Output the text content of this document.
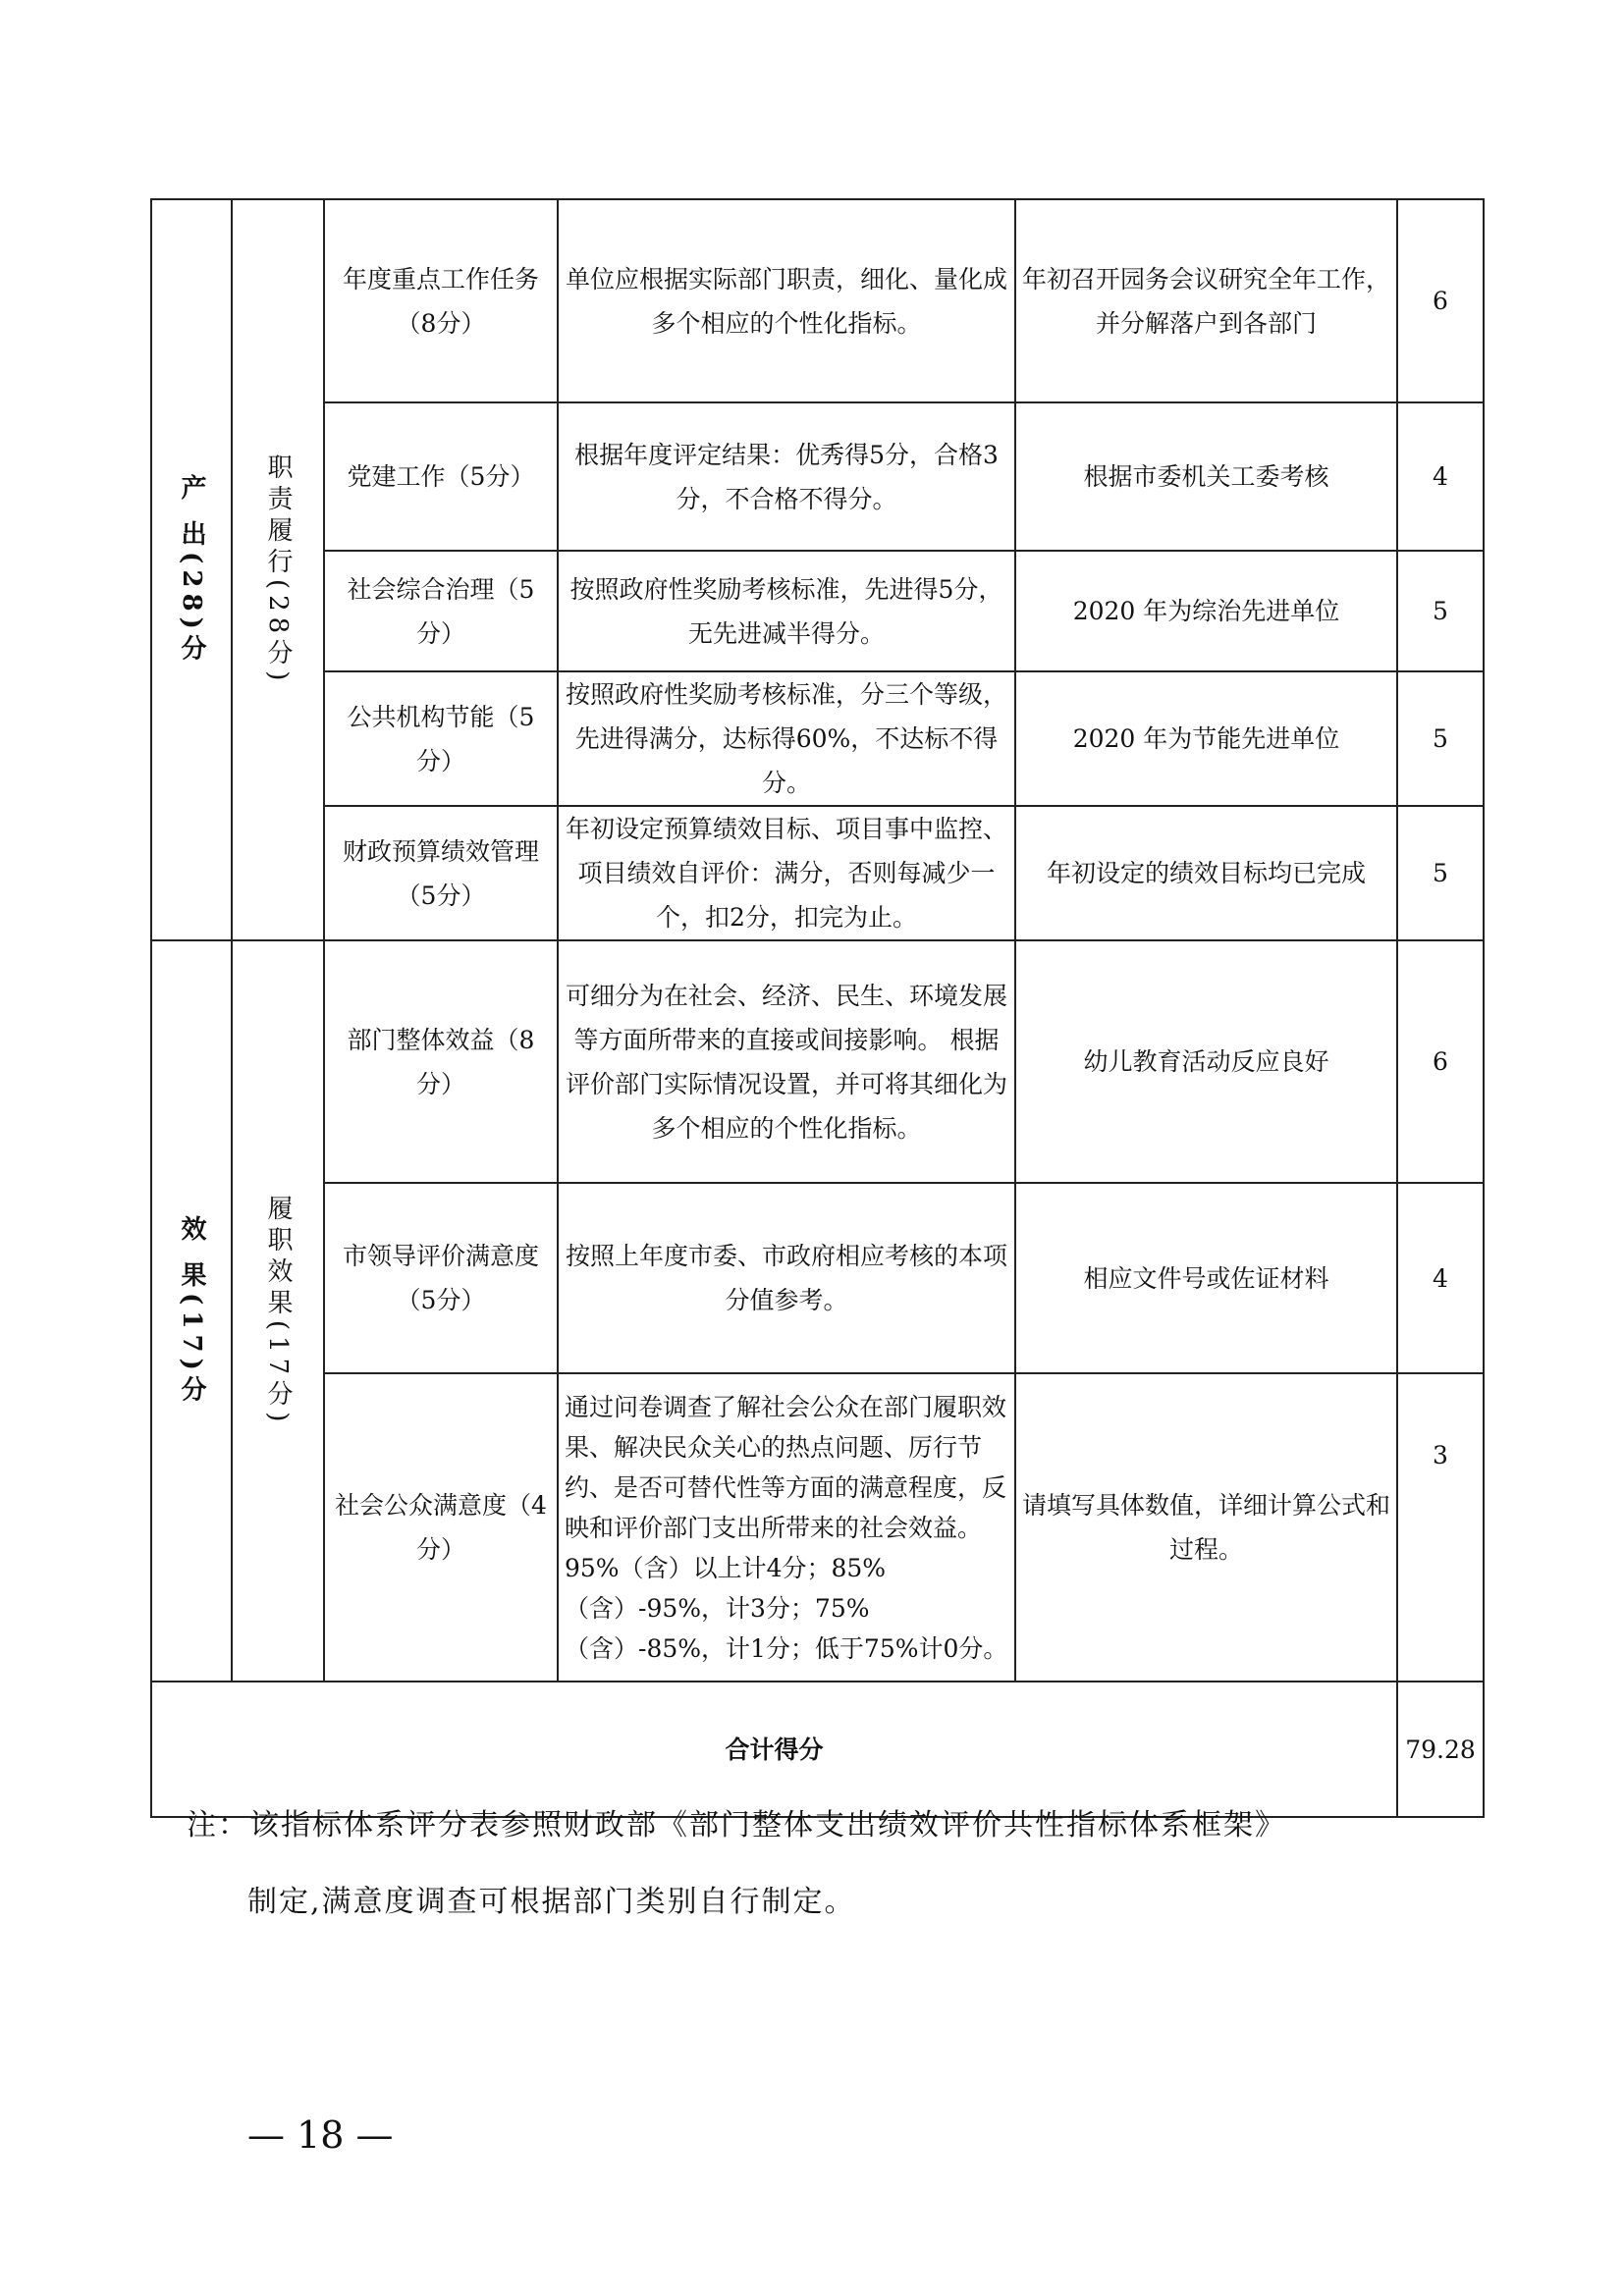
产 出(28)分	职责履行(28分)	年度重点工作任务（8分）	单位应根据实际部门职责，细化、量化成多个相应的个性化指标。	年初召开园务会议研究全年工作，并分解落户到各部门	6
		党建工作（5分）	根据年度评定结果：优秀得5分，合格3分，不合格不得分。	根据市委机关工委考核	4
		社会综合治理（5分）	按照政府性奖励考核标准，先进得5分，无先进减半得分。	2020 年为综治先进单位	5
		公共机构节能（5分）	按照政府性奖励考核标准，分三个等级，先进得满分，达标得60%，不达标不得分。	2020 年为节能先进单位	5
		财政预算绩效管理（5分）	年初设定预算绩效目标、项目事中监控、项目绩效自评价：满分，否则每减少一个，扣2分，扣完为止。	年初设定的绩效目标均已完成	5

效 果(17)分	履职效果(17分)	部门整体效益（8分）	可细分为在社会、经济、民生、环境发展等方面所带来的直接或间接影响。 根据评价部门实际情况设置，并可将其细化为多个相应的个性化指标。	幼儿教育活动反应良好	6
		市领导评价满意度（5分）	按照上年度市委、市政府相应考核的本项分值参考。	相应文件号或佐证材料	4
		社会公众满意度（4分）	通过问卷调查了解社会公众在部门履职效果、解决民众关心的热点问题、厉行节约、是否可替代性等方面的满意程度，反映和评价部门支出所带来的社会效益。95%（含）以上计4分；85%（含）-95%，计3分；75%（含）-85%，计1分；低于75%计0分。	请填写具体数值，详细计算公式和过程。	3
合计得分					79.28
注：该指标体系评分表参照财政部《部门整体支出绩效评价共性指标体系框架》
制定,满意度调查可根据部门类别自行制定。
— 18 —
